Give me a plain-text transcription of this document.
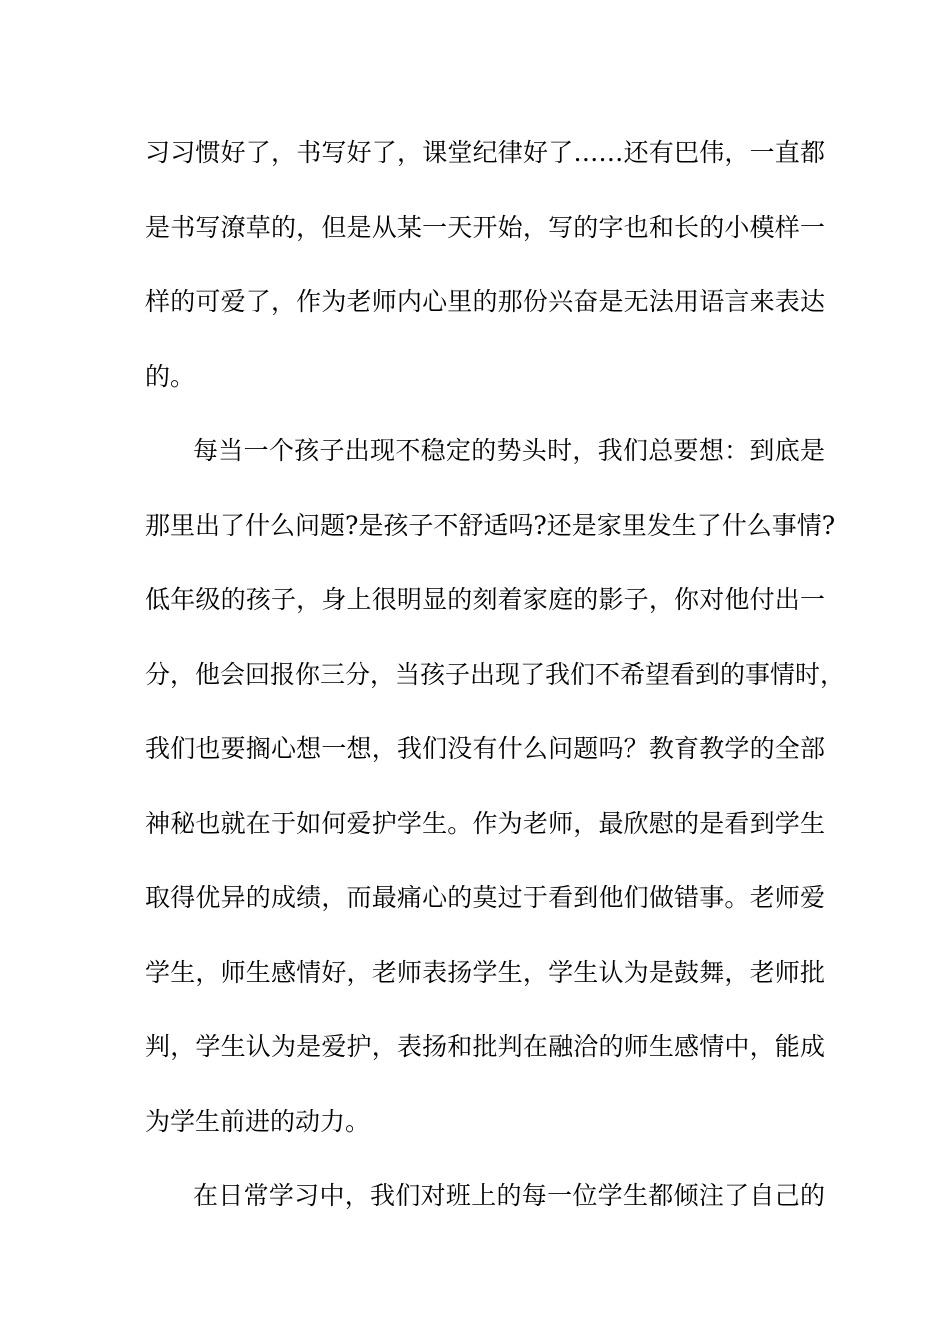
习习惯好了，书写好了，课堂纪律好了……还有巴伟，一直都
是书写潦草的，但是从某一天开始，写的字也和长的小模样一
样的可爱了，作为老师内心里的那份兴奋是无法用语言来表达
的。
每当一个孩子出现不稳定的势头时，我们总要想：到底是
那里出了什么问题?是孩子不舒适吗?还是家里发生了什么事情?
低年级的孩子，身上很明显的刻着家庭的影子，你对他付出一
分，他会回报你三分，当孩子出现了我们不希望看到的事情时，
我们也要搁心想一想，我们没有什么问题吗？教育教学的全部
神秘也就在于如何爱护学生。作为老师，最欣慰的是看到学生
取得优异的成绩，而最痛心的莫过于看到他们做错事。老师爱
学生，师生感情好，老师表扬学生，学生认为是鼓舞，老师批
判，学生认为是爱护，表扬和批判在融洽的师生感情中，能成
为学生前进的动力。
在日常学习中，我们对班上的每一位学生都倾注了自己的
